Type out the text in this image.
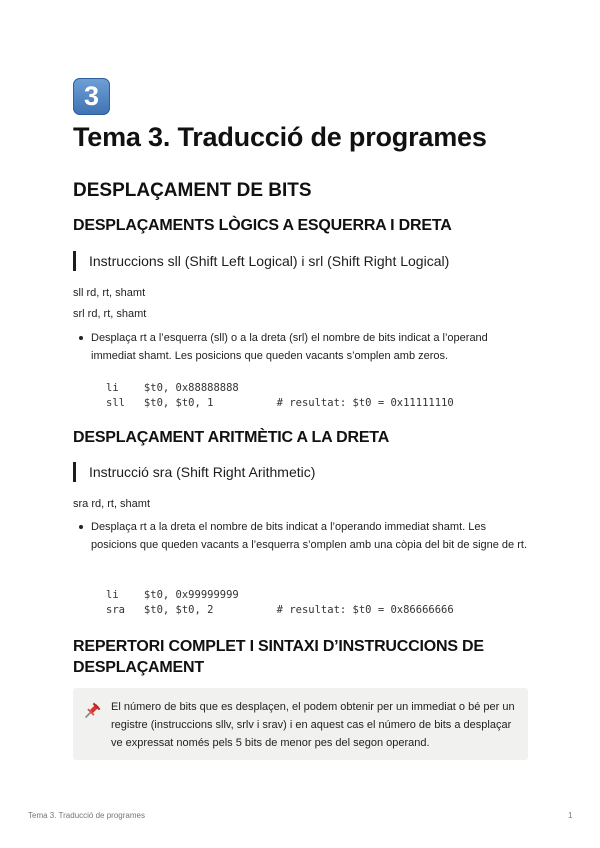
3
Tema 3. Traducció de programes
DESPLAÇAMENT DE BITS
DESPLAÇAMENTS LÒGICS A ESQUERRA I DRETA
Instruccions sll (Shift Left Logical) i srl (Shift Right Logical)
sll rd, rt, shamt
srl rd, rt, shamt
Desplaça rt a l’esquerra (sll) o a la dreta (srl) el nombre de bits indicat a l’operand immediat shamt. Les posicions que queden vacants s’omplen amb zeros.
li    $t0, 0x88888888
sll   $t0, $t0, 1          # resultat: $t0 = 0x11111110
DESPLAÇAMENT ARITMÈTIC A LA DRETA
Instrucció sra (Shift Right Arithmetic)
sra rd, rt, shamt
Desplaça rt a la dreta el nombre de bits indicat a l’operando immediat shamt. Les posicions que queden vacants a l’esquerra s’omplen amb una còpia del bit de signe de rt.
li    $t0, 0x99999999
sra   $t0, $t0, 2          # resultat: $t0 = 0x86666666
REPERTORI COMPLET I SINTAXI D’INSTRUCCIONS DE
DESPLAÇAMENT
El número de bits que es desplaçen, el podem obtenir per un immediat o bé per un registre (instruccions sllv, srlv i srav) i en aquest cas el número de bits a desplaçar ve expressat només pels 5 bits de menor pes del segon operand.
Tema 3. Traducció de programes	1
